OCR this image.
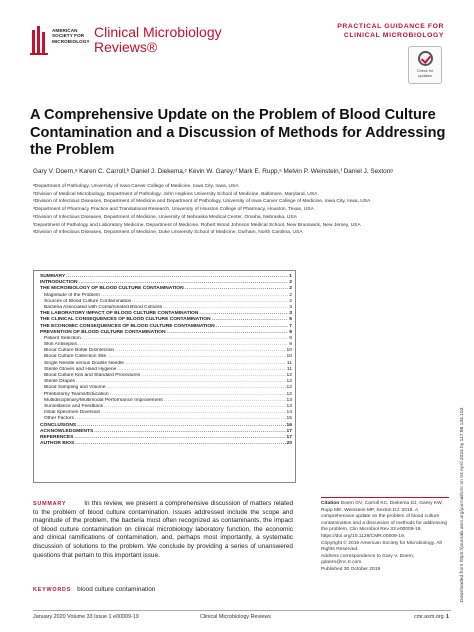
AMERICAN
SOCIETY FOR
MICROBIOLOGY
Clinical Microbiology
Reviews®
PRACTICAL GUIDANCE FOR
CLINICAL MICROBIOLOGY
Check for
updates
A Comprehensive Update on the Problem of Blood Culture Contamination and a Discussion of Methods for Addressing the Problem
Gary V. Doern,ᵃ Karen C. Carroll,ᵇ Daniel J. Diekema,ᶜ Kevin W. Garey,ᵈ Mark E. Rupp,ᵉ Melvin P. Weinstein,ᶠ Daniel J. Sextonᵍ
ᵃDepartment of Pathology, University of Iowa Carver College of Medicine, Iowa City, Iowa, USA
ᵇDivision of Medical Microbiology, Department of Pathology, John Hopkins University School of Medicine, Baltimore, Maryland, USA
ᶜDivision of Infectious Diseases, Department of Medicine and Department of Pathology, University of Iowa Carver College of Medicine, Iowa City, Iowa, USA
ᵈDepartment of Pharmacy Practice and Translational Research, University of Houston College of Pharmacy, Houston, Texas, USA
ᵉDivision of Infectious Diseases, Department of Medicine, University of Nebraska Medical Center, Omaha, Nebraska, USA
ᶠDepartment of Pathology and Laboratory Medicine, Department of Medicine, Robert Wood Johnson Medical School, New Brunswick, New Jersey, USA
ᵍDivision of Infectious Diseases, Department of Medicine, Duke University School of Medicine, Durham, North Carolina, USA
SUMMARY .....	1
INTRODUCTION .....	2
THE MICROBIOLOGY OF BLOOD CULTURE CONTAMINATION .....	2
Magnitude of the Problem .....	2
Sources of Blood Culture Contamination .....	2
Bacteria Associated with Contaminated Blood Cultures .....	3
THE LABORATORY IMPACT OF BLOOD CULTURE CONTAMINATION .....	3
THE CLINICAL CONSEQUENCES OF BLOOD CULTURE CONTAMINATION .....	5
THE ECONOMIC CONSEQUENCES OF BLOOD CULTURE CONTAMINATION .....	7
PREVENTION OF BLOOD CULTURE CONTAMINATION .....	9
Patient Selection .....	9
Skin Antisepsis .....	9
Blood Culture Bottle Disinfection .....	10
Blood Culture Collection Site .....	10
Single Needle versus Double Needle .....	11
Sterile Gloves and Hand Hygiene .....	11
Blood Culture Kits and Standard Procedures .....	12
Sterile Drapes .....	12
Blood Sampling and Volume .....	12
Phlebotomy Teams/Education .....	12
Multidisciplinary/Multimodal Performance Improvement .....	13
Surveillance and Feedback .....	13
Initial Specimen Diversion .....	14
Other Factors .....	15
CONCLUSIONS .....	16
ACKNOWLEDGMENTS .....	17
REFERENCES .....	17
AUTHOR BIOS .....	20	Downloaded from https://journals.asm.org/journal/cmr on 04 April 2024 by 117.98.134.103.
SUMMARY	In this review, we present a comprehensive discussion of matters related to the problem of blood culture contamination. Issues addressed include the scope and magnitude of the problem, the bacteria most often recognized as contaminants, the impact of blood culture contamination on clinical microbiology laboratory function, the economic and clinical ramifications of contamination, and, perhaps most importantly, a systematic discussion of solutions to the problem. We conclude by providing a series of unanswered questions that pertain to this important issue.
KEYWORDS blood culture contamination
Citation Doern GV, Carroll KC, Diekema DJ, Garey KW, Rupp ME, Weinstein MP, Sexton DJ. 2019. A comprehensive update on the problem of blood culture contamination and a discussion of methods for addressing the problem. Clin Microbiol Rev 33:e00009-19. https://doi.org/10.1128/CMR.00009-19.
Copyright © 2019 American Society for Microbiology. All Rights Reserved.
Address correspondence to Gary V. Doern, gdoern@nc.rr.com.
Published 30 October 2019
January 2020 Volume 33 Issue 1 e00009-19	Clinical Microbiology Reviews	cmr.asm.org 1
